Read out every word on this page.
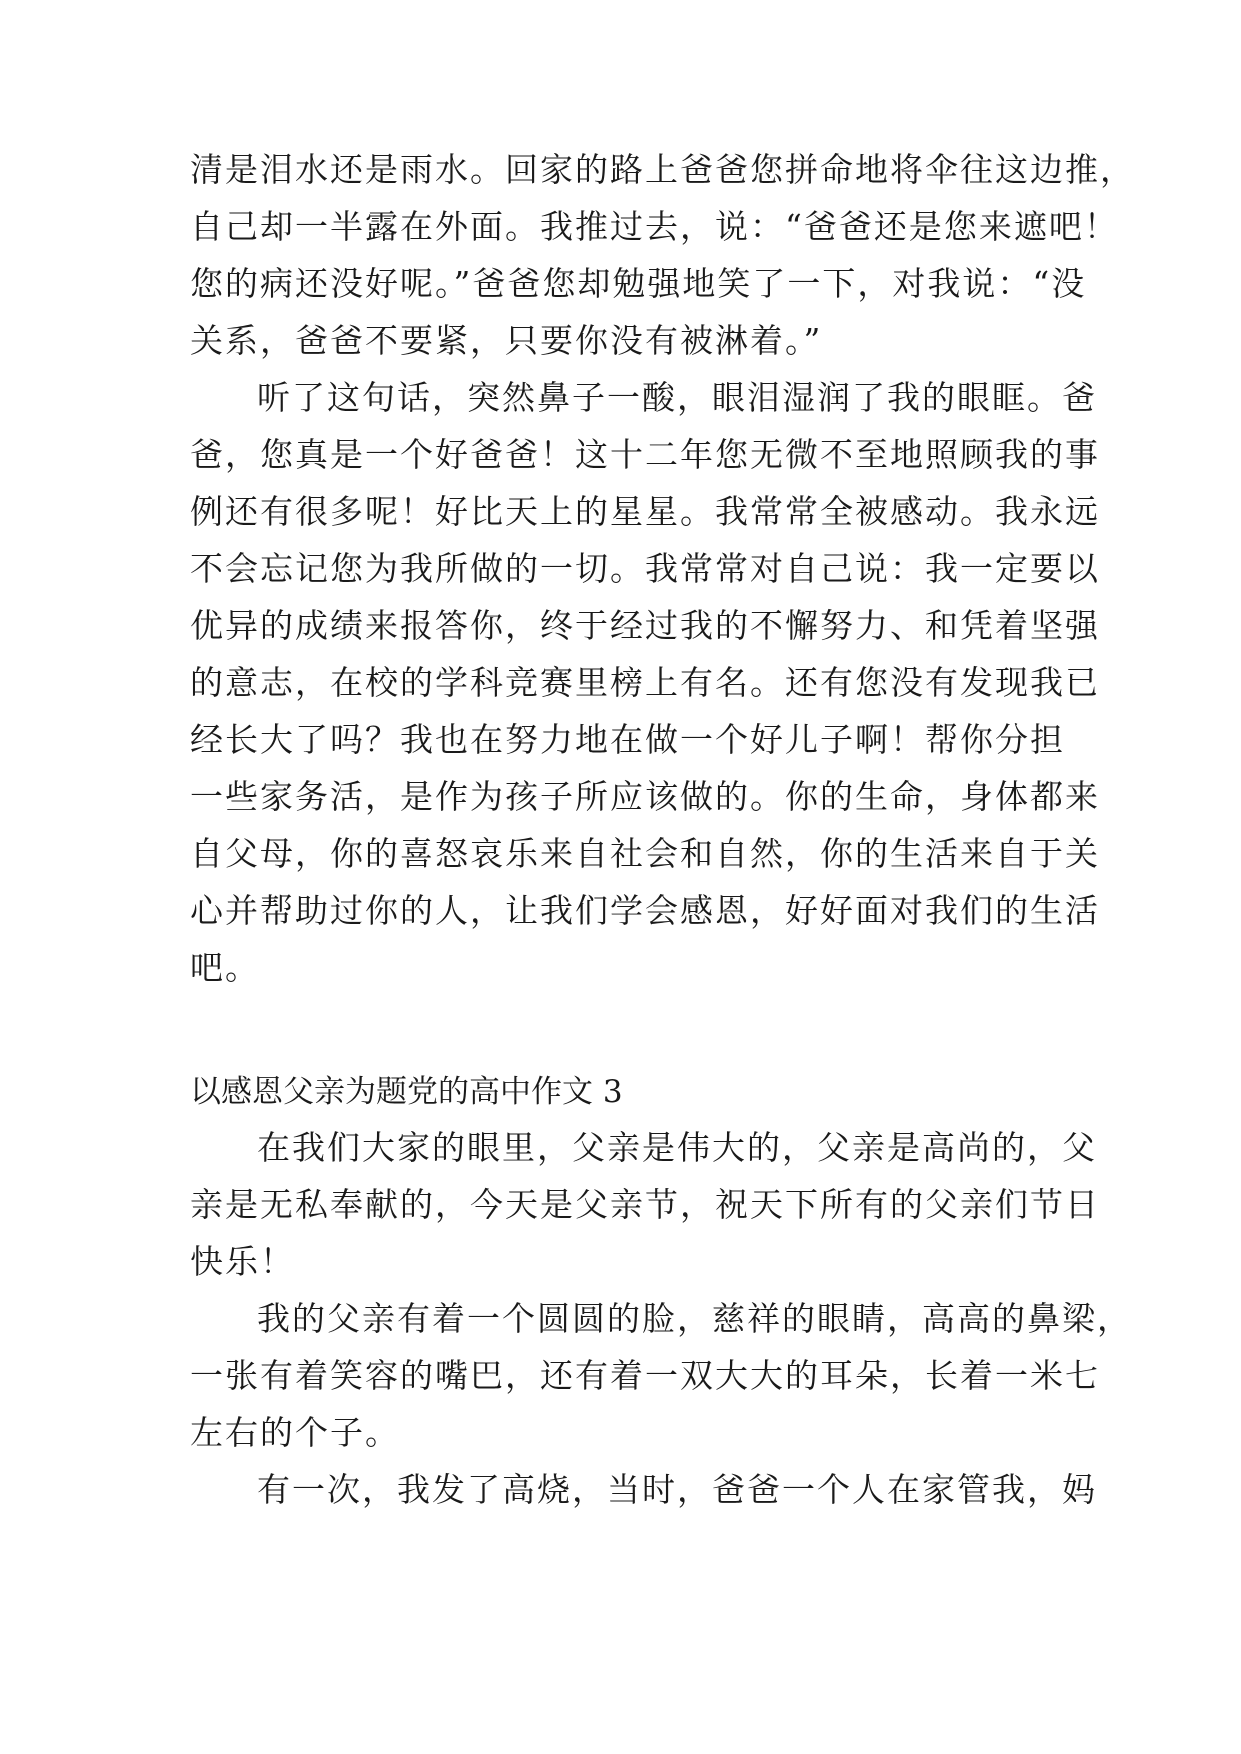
清是泪水还是雨水。回家的路上爸爸您拼命地将伞往这边推，
自己却一半露在外面。我推过去，说：“爸爸还是您来遮吧！
您的病还没好呢。”爸爸您却勉强地笑了一下，对我说：“没
关系，爸爸不要紧，只要你没有被淋着。”
听了这句话，突然鼻子一酸，眼泪湿润了我的眼眶。爸
爸，您真是一个好爸爸！这十二年您无微不至地照顾我的事
例还有很多呢！好比天上的星星。我常常全被感动。我永远
不会忘记您为我所做的一切。我常常对自己说：我一定要以
优异的成绩来报答你，终于经过我的不懈努力、和凭着坚强
的意志，在校的学科竞赛里榜上有名。还有您没有发现我已
经长大了吗？我也在努力地在做一个好儿子啊！帮你分担
一些家务活，是作为孩子所应该做的。你的生命，身体都来
自父母，你的喜怒哀乐来自社会和自然，你的生活来自于关
心并帮助过你的人，让我们学会感恩，好好面对我们的生活
吧。
以感恩父亲为题党的高中作文 3
在我们大家的眼里，父亲是伟大的，父亲是高尚的，父
亲是无私奉献的，今天是父亲节，祝天下所有的父亲们节日
快乐！
我的父亲有着一个圆圆的脸，慈祥的眼睛，高高的鼻梁，
一张有着笑容的嘴巴，还有着一双大大的耳朵，长着一米七
左右的个子。
有一次，我发了高烧，当时，爸爸一个人在家管我，妈
